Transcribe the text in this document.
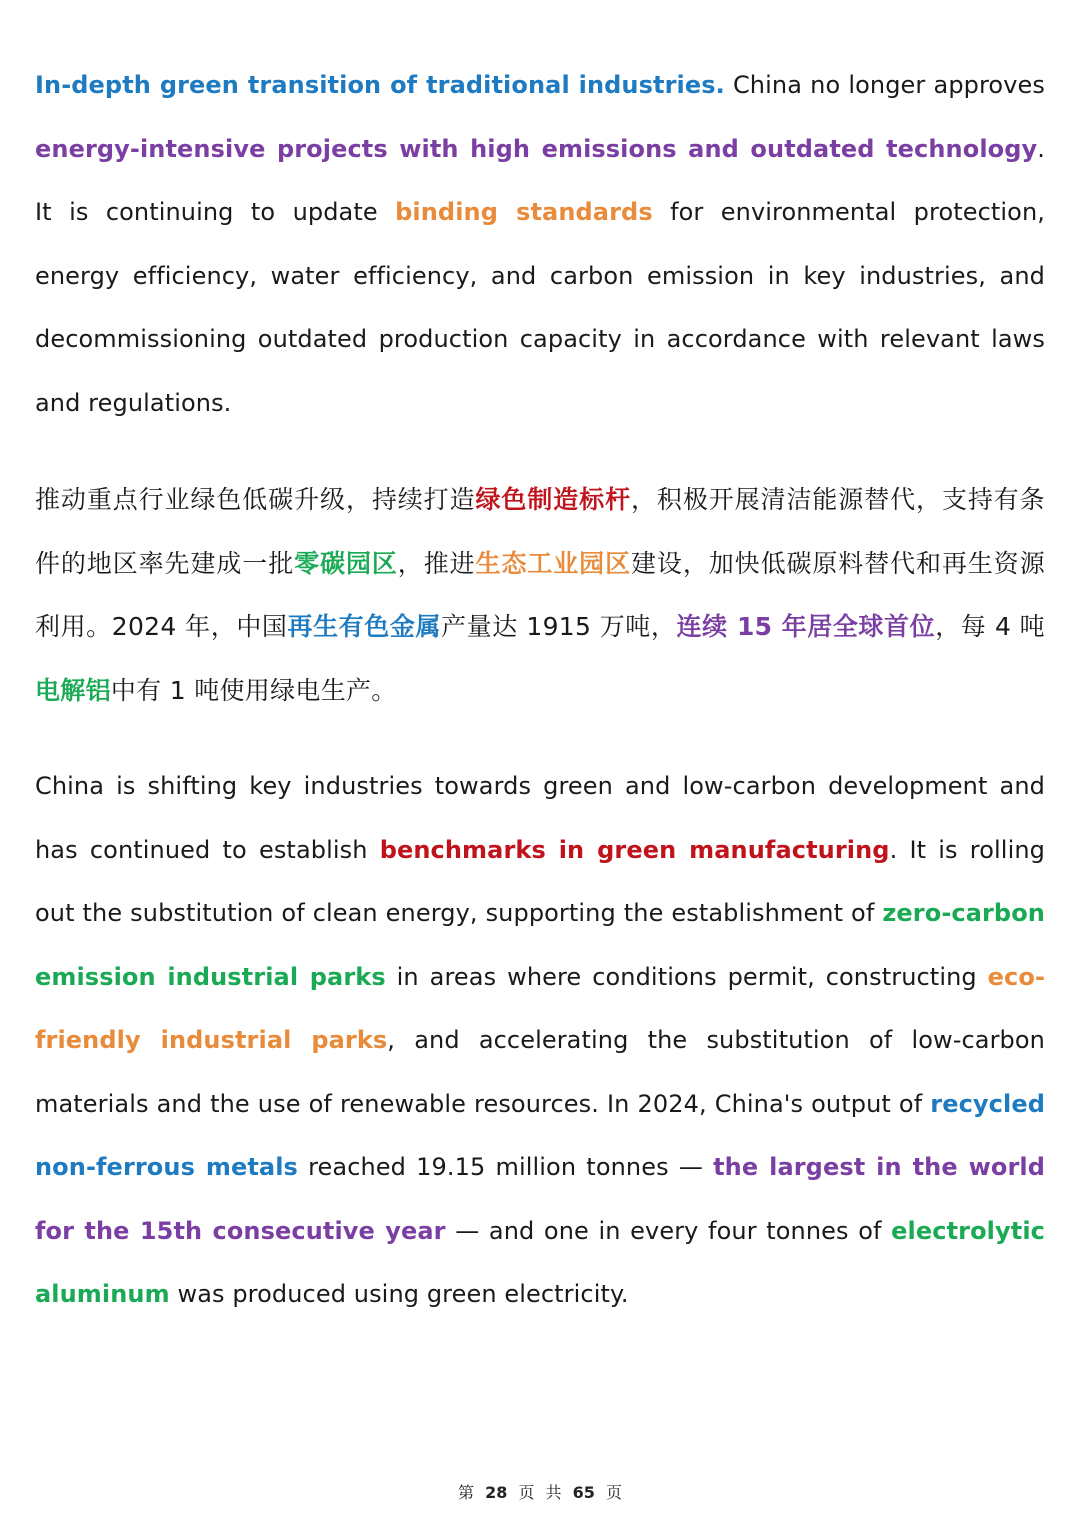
In-depth green transition of traditional industries. China no longer approves energy-intensive projects with high emissions and outdated technology. It is continuing to update binding standards for environmental protection, energy efficiency, water efficiency, and carbon emission in key industries, and decommissioning outdated production capacity in accordance with relevant laws and regulations.

推动重点行业绿色低碳升级，持续打造绿色制造标杆，积极开展清洁能源替代，支持有条件的地区率先建成一批零碳园区，推进生态工业园区建设，加快低碳原料替代和再生资源利用。2024 年，中国再生有色金属产量达 1915 万吨，连续 15 年居全球首位，每 4 吨电解铝中有 1 吨使用绿电生产。

China is shifting key industries towards green and low-carbon development and has continued to establish benchmarks in green manufacturing. It is rolling out the substitution of clean energy, supporting the establishment of zero-carbon emission industrial parks in areas where conditions permit, constructing eco-friendly industrial parks, and accelerating the substitution of low-carbon materials and the use of renewable resources. In 2024, China's output of recycled non-ferrous metals reached 19.15 million tonnes — the largest in the world for the 15th consecutive year — and one in every four tonnes of electrolytic aluminum was produced using green electricity.

第 28 页 共 65 页
